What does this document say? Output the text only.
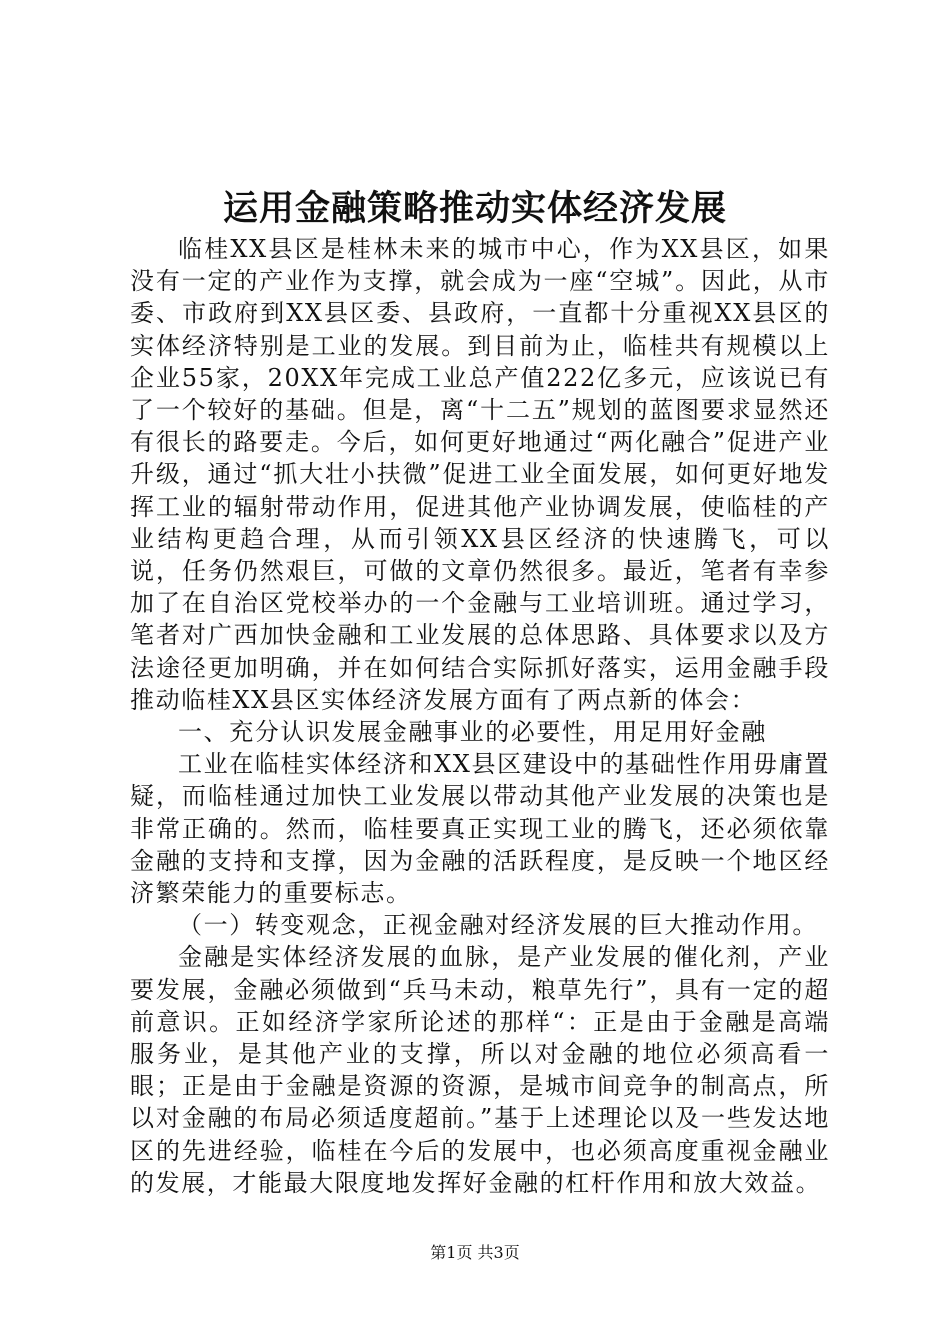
运用金融策略推动实体经济发展

临桂XX县区是桂林未来的城市中心，作为XX县区，如果没有一定的产业作为支撑，就会成为一座“空城”。因此，从市委、市政府到XX县区委、县政府，一直都十分重视XX县区的实体经济特别是工业的发展。到目前为止，临桂共有规模以上企业55家，20XX年完成工业总产值222亿多元，应该说已有了一个较好的基础。但是，离“十二五”规划的蓝图要求显然还有很长的路要走。今后，如何更好地通过“两化融合”促进产业升级，通过“抓大壮小扶微”促进工业全面发展，如何更好地发挥工业的辐射带动作用，促进其他产业协调发展，使临桂的产业结构更趋合理，从而引领XX县区经济的快速腾飞，可以说，任务仍然艰巨，可做的文章仍然很多。最近，笔者有幸参加了在自治区党校举办的一个金融与工业培训班。通过学习，笔者对广西加快金融和工业发展的总体思路、具体要求以及方法途径更加明确，并在如何结合实际抓好落实，运用金融手段推动临桂XX县区实体经济发展方面有了两点新的体会：

一、充分认识发展金融事业的必要性，用足用好金融

工业在临桂实体经济和XX县区建设中的基础性作用毋庸置疑，而临桂通过加快工业发展以带动其他产业发展的决策也是非常正确的。然而，临桂要真正实现工业的腾飞，还必须依靠金融的支持和支撑，因为金融的活跃程度，是反映一个地区经济繁荣能力的重要标志。

（一）转变观念，正视金融对经济发展的巨大推动作用。

金融是实体经济发展的血脉，是产业发展的催化剂，产业要发展，金融必须做到“兵马未动，粮草先行”，具有一定的超前意识。正如经济学家所论述的那样“：正是由于金融是高端服务业，是其他产业的支撑，所以对金融的地位必须高看一眼；正是由于金融是资源的资源，是城市间竞争的制高点，所以对金融的布局必须适度超前。”基于上述理论以及一些发达地区的先进经验，临桂在今后的发展中，也必须高度重视金融业的发展，才能最大限度地发挥好金融的杠杆作用和放大效益。

第1页 共3页
